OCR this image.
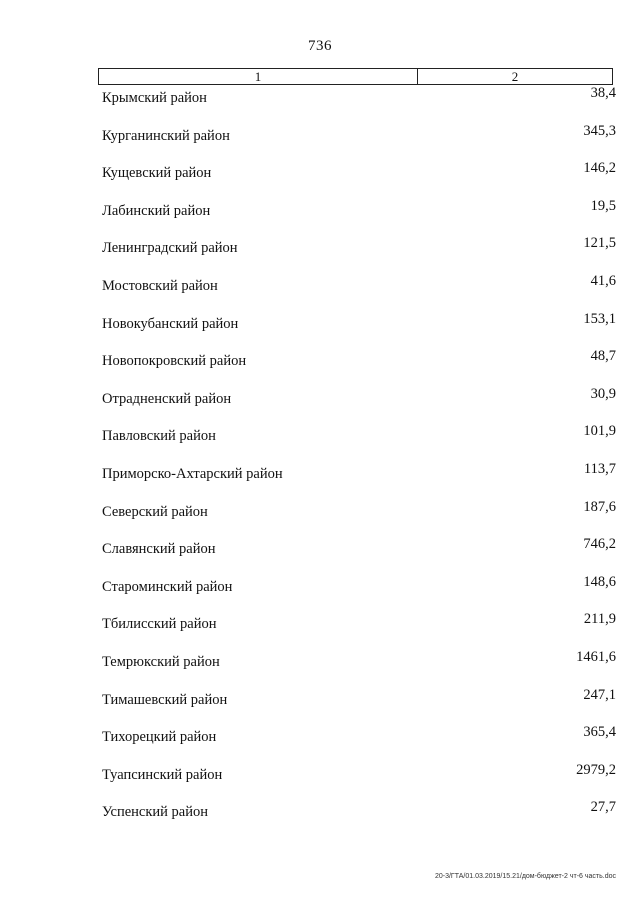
736
1	2
Крымский район	38,4
Курганинский район	345,3
Кущевский район	146,2
Лабинский район	19,5
Ленинградский район	121,5
Мостовский район	41,6
Новокубанский район	153,1
Новопокровский район	48,7
Отрадненский район	30,9
Павловский район	101,9
Приморско-Ахтарский район	113,7
Северский район	187,6
Славянский район	746,2
Староминский район	148,6
Тбилисский район	211,9
Темрюкский район	1461,6
Тимашевский район	247,1
Тихорецкий район	365,4
Туапсинский район	2979,2
Успенский район	27,7
20-3/ГТА/01.03.2019/15.21/дом-бюджет-2 чт-6 часть.doc
